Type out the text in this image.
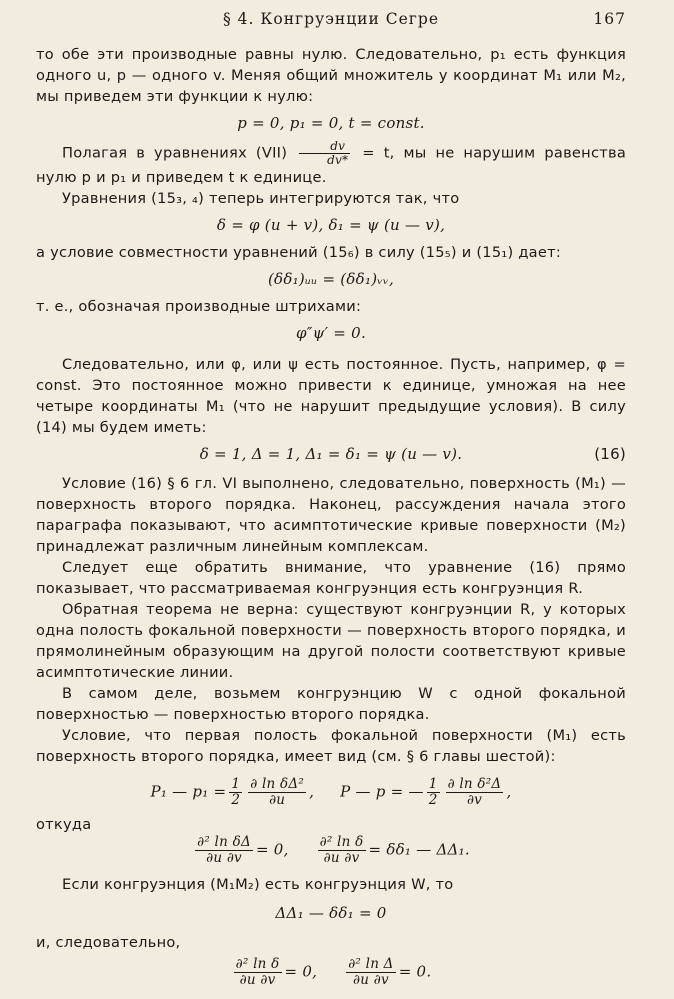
§ 4. Конгруэнции Сегре	167

то обе эти производные равны нулю. Следовательно, p₁ есть функция одного u, p — одного v. Меняя общий множитель у координат M₁ или M₂, мы приведем эти функции к нулю:

p = 0, p₁ = 0, t = const.

Полагая в уравнениях $(VII) \frac{dv}{dv*} = t$, мы не нарушим равенства нулю p и p₁ и приведем t к единице.

Уравнения (15₃, ₄) теперь интегрируются так, что

δ = φ (u + v), δ₁ = ψ (u — v),

а условие совместности уравнений (15₆) в силу (15₅) и (15₁) дает:

(δδ₁)ᵤᵤ = (δδ₁)ᵥᵥ,

т. е., обозначая производные штрихами:

φ″ψ′ = 0.

Следовательно, или φ, или ψ есть постоянное. Пусть, например, φ = const. Это постоянное можно привести к единице, умножая на нее четыре координаты M₁ (что не нарушит предыдущие условия). В силу (14) мы будем иметь:

δ = 1, Δ = 1, Δ₁ = δ₁ = ψ (u — v).	(16)

Условие (16) § 6 гл. VI выполнено, следовательно, поверхность (M₁) — поверхность второго порядка. Наконец, рассуждения начала этого параграфа показывают, что асимптотические кривые поверхности (M₂) принадлежат различным линейным комплексам.

Следует еще обратить внимание, что уравнение (16) прямо показывает, что рассматриваемая конгруэнция есть конгруэнция R.

Обратная теорема не верна: существуют конгруэнции R, у которых одна полость фокальной поверхности — поверхность второго порядка, и прямолинейным образующим на другой полости соответствуют кривые асимптотические линии.

В самом деле, возьмем конгруэнцию W с одной фокальной поверхностью — поверхностью второго порядка.

Условие, что первая полость фокальной поверхности (M₁) есть поверхность второго порядка, имеет вид (см. § 6 главы шестой):

P₁ — $p_1 = \frac{1}{2} \frac{\text{∂ ln δΔ²}}{\partial u}$ , P — p = — $\frac{1}{2} \frac{\text{∂ ln δ²Δ}}{\partial v}$ ,

откуда

$\frac{\text{∂² ln δΔ}}{\partial u \partial v} = 0$, $\frac{\text{∂² ln δ}}{\partial u \partial v} = \delta\delta_1$ — ΔΔ₁.

Если конгруэнция (M₁M₂) есть конгруэнция W, то

ΔΔ₁ — δδ₁ = 0

и, следовательно,

$\frac{\text{∂² ln δ}}{\partial u \partial v} = 0$, $\frac{\text{∂² ln Δ}}{\partial u \partial v} = 0$.
